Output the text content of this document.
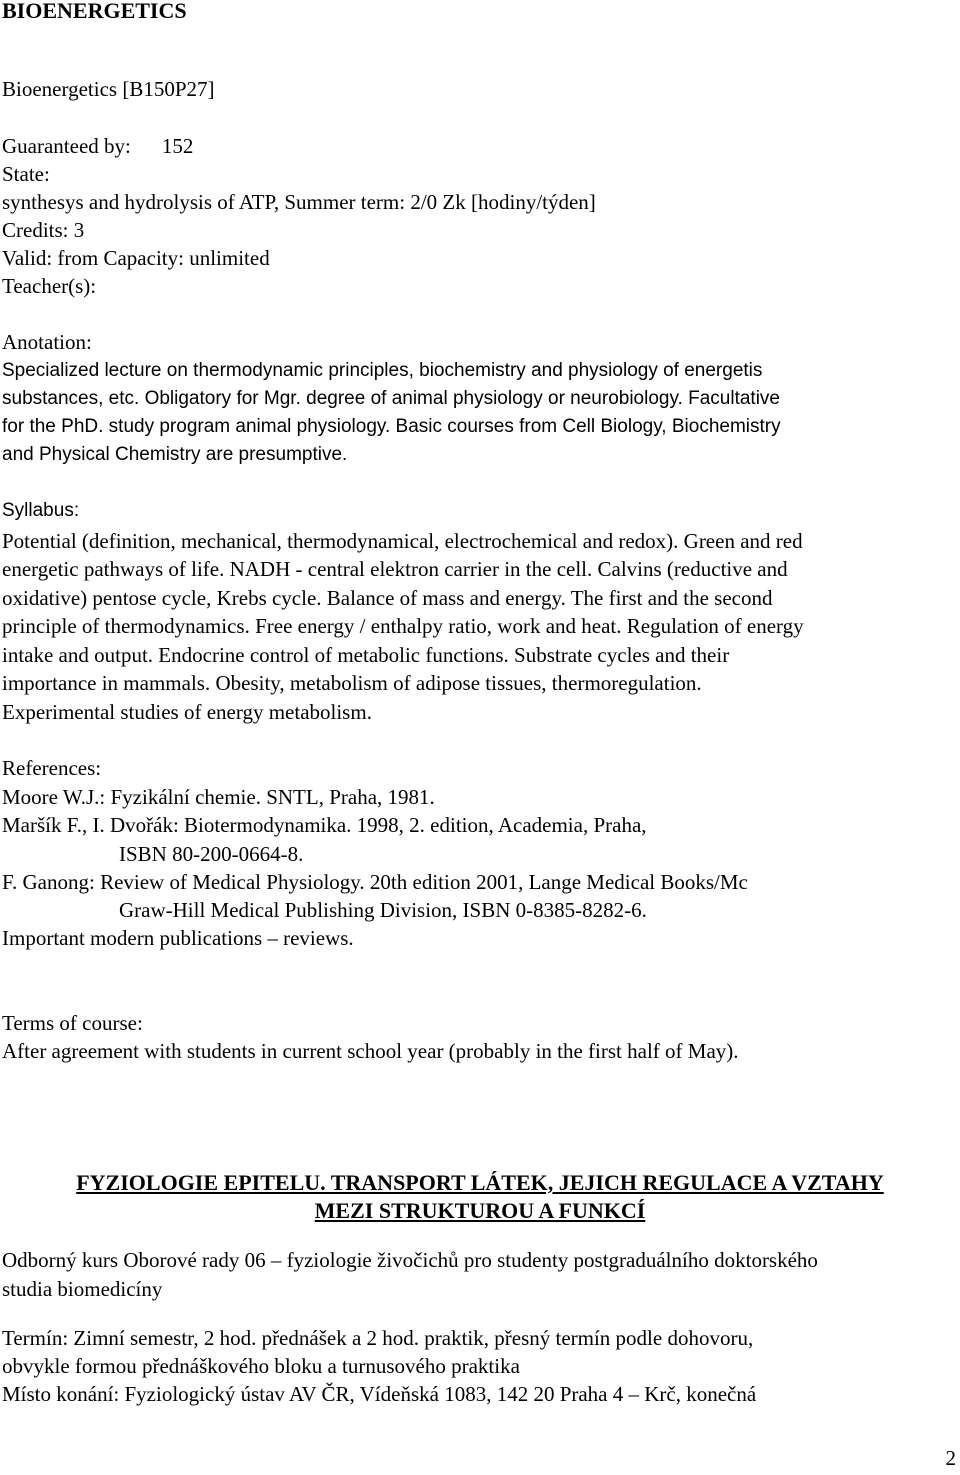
BIOENERGETICS
Bioenergetics [B150P27]
Guaranteed by: 152
State:
synthesys and hydrolysis of ATP, Summer term: 2/0 Zk [hodiny/týden]
Credits: 3
Valid: from Capacity: unlimited
Teacher(s):
Anotation:
Specialized lecture on thermodynamic principles, biochemistry and physiology of energetis
substances, etc. Obligatory for Mgr. degree of animal physiology or neurobiology. Facultative
for the PhD. study program animal physiology. Basic courses from Cell Biology, Biochemistry
and Physical Chemistry are presumptive.
Syllabus:
Potential (definition, mechanical, thermodynamical, electrochemical and redox). Green and red
energetic pathways of life. NADH - central elektron carrier in the cell. Calvins (reductive and
oxidative) pentose cycle, Krebs cycle. Balance of mass and energy. The first and the second
principle of thermodynamics. Free energy / enthalpy ratio, work and heat. Regulation of energy
intake and output. Endocrine control of metabolic functions. Substrate cycles and their
importance in mammals. Obesity, metabolism of adipose tissues, thermoregulation.
Experimental studies of energy metabolism.
References:
Moore W.J.: Fyzikální chemie. SNTL, Praha, 1981.
Maršík F., I. Dvořák: Biotermodynamika. 1998, 2. edition, Academia, Praha,
ISBN 80-200-0664-8.
F. Ganong: Review of Medical Physiology. 20th edition 2001, Lange Medical Books/Mc
Graw-Hill Medical Publishing Division, ISBN 0-8385-8282-6.
Important modern publications – reviews.
Terms of course:
After agreement with students in current school year (probably in the first half of May).
FYZIOLOGIE EPITELU. TRANSPORT LÁTEK, JEJICH REGULACE A VZTAHY
MEZI STRUKTUROU A FUNKCÍ
Odborný kurs Oborové rady 06 – fyziologie živočichů pro studenty postgraduálního doktorského
studia biomedicíny
Termín: Zimní semestr, 2 hod. přednášek a 2 hod. praktik, přesný termín podle dohovoru,
obvykle formou přednáškového bloku a turnusového praktika
Místo konání: Fyziologický ústav AV ČR, Vídeňská 1083, 142 20 Praha 4 – Krč, konečná
2
